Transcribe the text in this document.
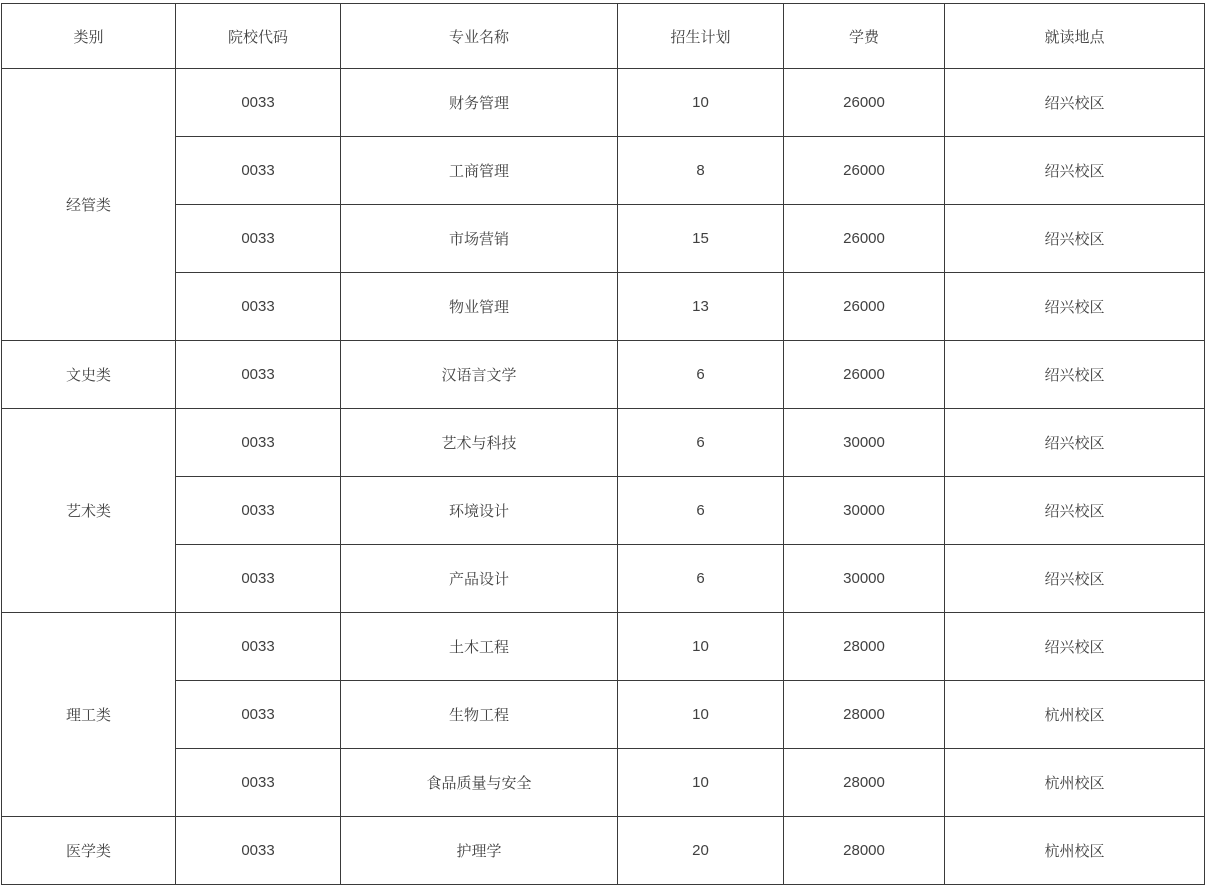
类别	院校代码	专业名称	招生计划	学费	就读地点
经管类	0033	财务管理	10	26000	绍兴校区
	0033	工商管理	8	26000	绍兴校区
	0033	市场营销	15	26000	绍兴校区
	0033	物业管理	13	26000	绍兴校区
文史类	0033	汉语言文学	6	26000	绍兴校区
艺术类	0033	艺术与科技	6	30000	绍兴校区
	0033	环境设计	6	30000	绍兴校区
	0033	产品设计	6	30000	绍兴校区
理工类	0033	土木工程	10	28000	绍兴校区
	0033	生物工程	10	28000	杭州校区
	0033	食品质量与安全	10	28000	杭州校区
医学类	0033	护理学	20	28000	杭州校区
